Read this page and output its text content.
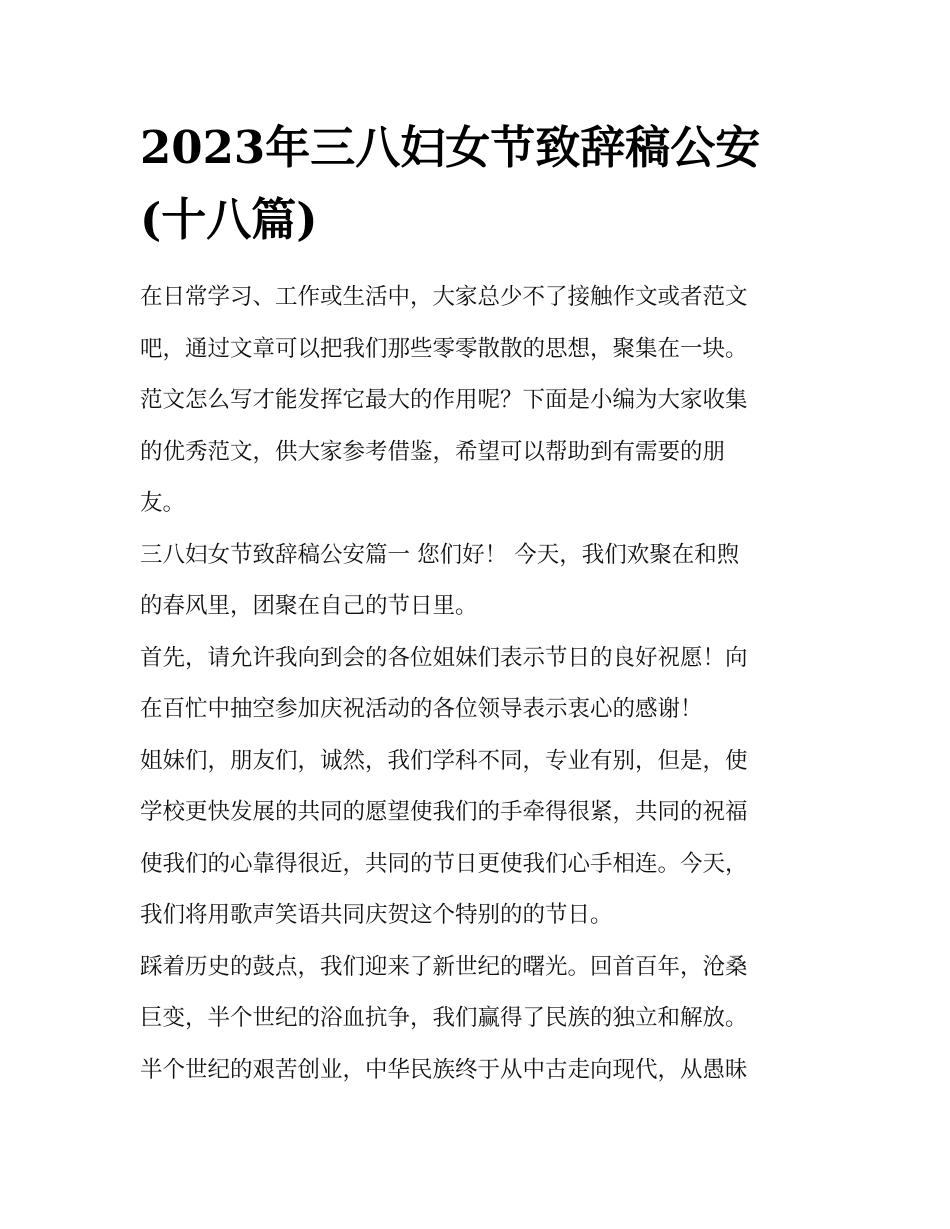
2023年三八妇女节致辞稿公安
(十八篇)

在日常学习、工作或生活中，大家总少不了接触作文或者范文
吧，通过文章可以把我们那些零零散散的思想，聚集在一块。
范文怎么写才能发挥它最大的作用呢？下面是小编为大家收集
的优秀范文，供大家参考借鉴，希望可以帮助到有需要的朋
友。

三八妇女节致辞稿公安篇一 您们好！ 今天，我们欢聚在和煦
的春风里，团聚在自己的节日里。

首先，请允许我向到会的各位姐妹们表示节日的良好祝愿！向
在百忙中抽空参加庆祝活动的各位领导表示衷心的感谢！

姐妹们，朋友们，诚然，我们学科不同，专业有别，但是，使
学校更快发展的共同的愿望使我们的手牵得很紧，共同的祝福
使我们的心靠得很近，共同的节日更使我们心手相连。今天，
我们将用歌声笑语共同庆贺这个特别的的节日。

踩着历史的鼓点，我们迎来了新世纪的曙光。回首百年，沧桑
巨变，半个世纪的浴血抗争，我们赢得了民族的独立和解放。
半个世纪的艰苦创业，中华民族终于从中古走向现代，从愚昧
